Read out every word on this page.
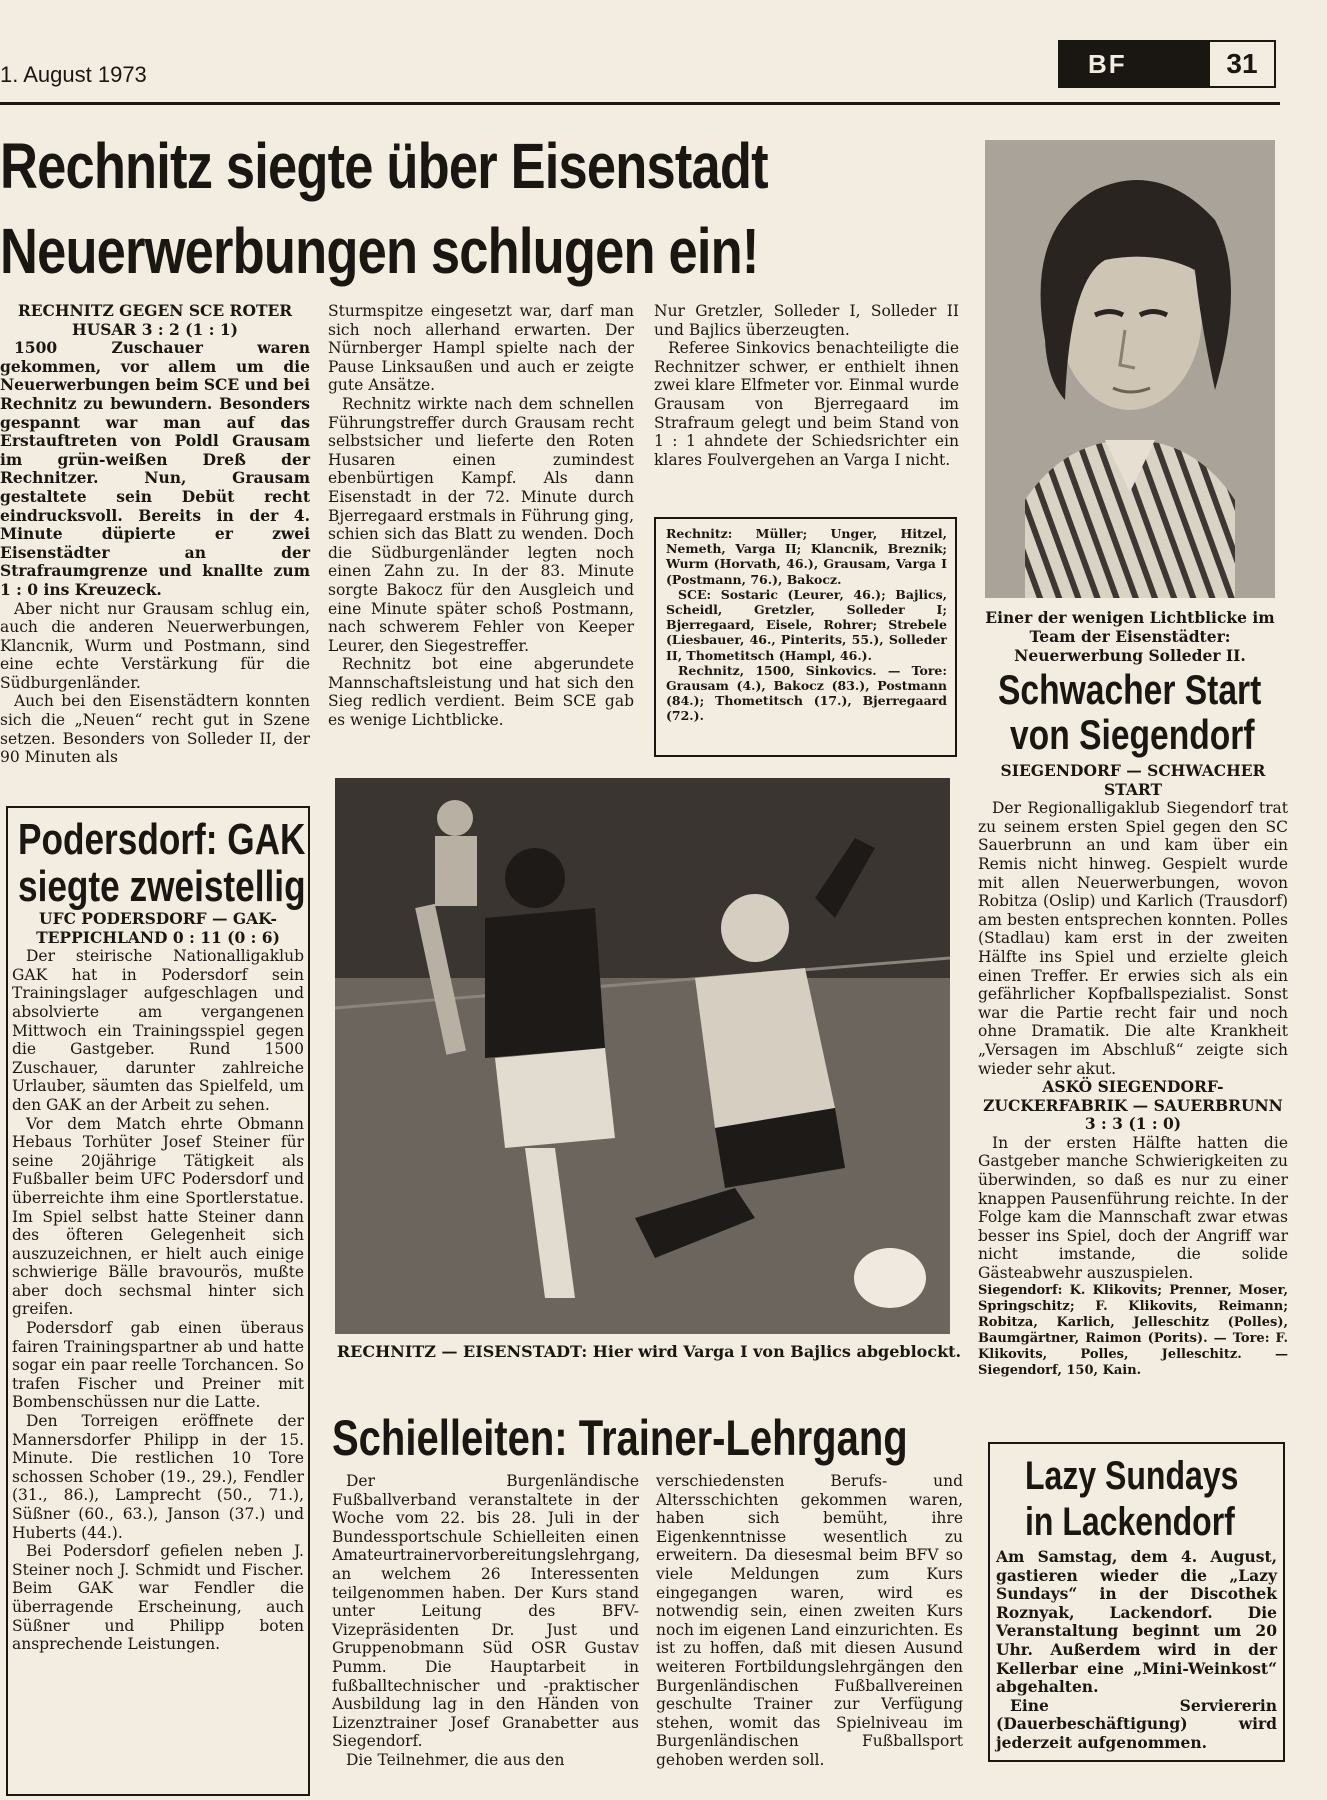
1. August 1973	BF	31
Rechnitz siegte über Eisenstadt
Neuerwerbungen schlugen ein!

RECHNITZ GEGEN SCE ROTER HUSAR 3 : 2 (1 : 1)

1500 Zuschauer waren gekommen, vor allem um die Neuerwerbungen beim SCE und bei Rechnitz zu bewundern. Besonders gespannt war man auf das Erstauftreten von Poldl Grausam im grün-weißen Dreß der Rechnitzer. Nun, Grausam gestaltete sein Debüt recht eindrucksvoll. Bereits in der 4. Minute düpierte er zwei Eisenstädter an der Strafraumgrenze und knallte zum 1 : 0 ins Kreuzeck.

Aber nicht nur Grausam schlug ein, auch die anderen Neuerwerbungen, Klancnik, Wurm und Postmann, sind eine echte Verstärkung für die Südburgenländer.

Auch bei den Eisenstädtern konnten sich die „Neuen“ recht gut in Szene setzen. Besonders von Solleder II, der 90 Minuten als

Sturmspitze eingesetzt war, darf man sich noch allerhand erwarten. Der Nürnberger Hampl spielte nach der Pause Linksaußen und auch er zeigte gute Ansätze.

Rechnitz wirkte nach dem schnellen Führungstreffer durch Grausam recht selbstsicher und lieferte den Roten Husaren einen zumindest ebenbürtigen Kampf. Als dann Eisenstadt in der 72. Minute durch Bjerregaard erstmals in Führung ging, schien sich das Blatt zu wenden. Doch die Südburgenländer legten noch einen Zahn zu. In der 83. Minute sorgte Bakocz für den Ausgleich und eine Minute später schoß Postmann, nach schwerem Fehler von Keeper Leurer, den Siegestreffer.

Rechnitz bot eine abgerundete Mannschaftsleistung und hat sich den Sieg redlich verdient. Beim SCE gab es wenige Lichtblicke.

Nur Gretzler, Solleder I, Solleder II und Bajlics überzeugten.

Referee Sinkovics benachteiligte die Rechnitzer schwer, er enthielt ihnen zwei klare Elfmeter vor. Einmal wurde Grausam von Bjerregaard im Strafraum gelegt und beim Stand von 1 : 1 ahndete der Schiedsrichter ein klares Foulvergehen an Varga I nicht.

Rechnitz: Müller; Unger, Hitzel, Nemeth, Varga II; Klancnik, Breznik; Wurm (Horvath, 46.), Grausam, Varga I (Postmann, 76.), Bakocz.

SCE: Sostaric (Leurer, 46.); Bajlics, Scheidl, Gretzler, Solleder I; Bjerregaard, Eisele, Rohrer; Strebele (Liesbauer, 46., Pinterits, 55.), Solleder II, Thometitsch (Hampl, 46.).

Rechnitz, 1500, Sinkovics. — Tore: Grausam (4.), Bakocz (83.), Postmann (84.); Thometitsch (17.), Bjerregaard (72.).

Einer der wenigen Lichtblicke im Team der Eisenstädter: Neuerwerbung Solleder II.
Schwacher Start
von Siegendorf

SIEGENDORF — SCHWACHER START

Der Regionalligaklub Siegendorf trat zu seinem ersten Spiel gegen den SC Sauerbrunn an und kam über ein Remis nicht hinweg. Gespielt wurde mit allen Neuerwerbungen, wovon Robitza (Oslip) und Karlich (Trausdorf) am besten entsprechen konnten. Polles (Stadlau) kam erst in der zweiten Hälfte ins Spiel und erzielte gleich einen Treffer. Er erwies sich als ein gefährlicher Kopfballspezialist. Sonst war die Partie recht fair und noch ohne Dramatik. Die alte Krankheit „Versagen im Abschluß“ zeigte sich wieder sehr akut.

ASKÖ SIEGENDORF-ZUCKERFABRIK — SAUERBRUNN 3 : 3 (1 : 0)

In der ersten Hälfte hatten die Gastgeber manche Schwierigkeiten zu überwinden, so daß es nur zu einer knappen Pausenführung reichte. In der Folge kam die Mannschaft zwar etwas besser ins Spiel, doch der Angriff war nicht imstande, die solide Gästeabwehr auszuspielen.

Siegendorf: K. Klikovits; Prenner, Moser, Springschitz; F. Klikovits, Reimann; Robitza, Karlich, Jelleschitz (Polles), Baumgärtner, Raimon (Porits). — Tore: F. Klikovits, Polles, Jelleschitz. — Siegendorf, 150, Kain.

Podersdorf: GAK
siegte zweistellig

UFC PODERSDORF — GAK-TEPPICHLAND 0 : 11 (0 : 6)

Der steirische Nationalligaklub GAK hat in Podersdorf sein Trainingslager aufgeschlagen und absolvierte am vergangenen Mittwoch ein Trainingsspiel gegen die Gastgeber. Rund 1500 Zuschauer, darunter zahlreiche Urlauber, säumten das Spielfeld, um den GAK an der Arbeit zu sehen.

Vor dem Match ehrte Obmann Hebaus Torhüter Josef Steiner für seine 20jährige Tätigkeit als Fußballer beim UFC Podersdorf und überreichte ihm eine Sportlerstatue. Im Spiel selbst hatte Steiner dann des öfteren Gelegenheit sich auszuzeichnen, er hielt auch einige schwierige Bälle bravourös, mußte aber doch sechsmal hinter sich greifen.

Podersdorf gab einen überaus fairen Trainingspartner ab und hatte sogar ein paar reelle Torchancen. So trafen Fischer und Preiner mit Bombenschüssen nur die Latte.

Den Torreigen eröffnete der Mannersdorfer Philipp in der 15. Minute. Die restlichen 10 Tore schossen Schober (19., 29.), Fendler (31., 86.), Lamprecht (50., 71.), Süßner (60., 63.), Janson (37.) und Huberts (44.).

Bei Podersdorf gefielen neben J. Steiner noch J. Schmidt und Fischer. Beim GAK war Fendler die überragende Erscheinung, auch Süßner und Philipp boten ansprechende Leistungen.

RECHNITZ — EISENSTADT: Hier wird Varga I von Bajlics abgeblockt.
Schielleiten: Trainer-Lehrgang

Der Burgenländische Fußballverband veranstaltete in der Woche vom 22. bis 28. Juli in der Bundessportschule Schielleiten einen Amateurtrainervorbereitungslehrgang, an welchem 26 Interessenten teilgenommen haben. Der Kurs stand unter Leitung des BFV-Vizepräsidenten Dr. Just und Gruppenobmann Süd OSR Gustav Pumm. Die Hauptarbeit in fußballtechnischer und -praktischer Ausbildung lag in den Händen von Lizenztrainer Josef Granabetter aus Siegendorf.

Die Teilnehmer, die aus den

verschiedensten Berufs- und Altersschichten gekommen waren, haben sich bemüht, ihre Eigenkenntnisse wesentlich zu erweitern. Da diesesmal beim BFV so viele Meldungen zum Kurs eingegangen waren, wird es notwendig sein, einen zweiten Kurs noch im eigenen Land einzurichten. Es ist zu hoffen, daß mit diesen Ausund weiteren Fortbildungslehrgängen den Burgenländischen Fußballvereinen geschulte Trainer zur Verfügung stehen, womit das Spielniveau im Burgenländischen Fußballsport gehoben werden soll.

Lazy Sundays
in Lackendorf

Am Samstag, dem 4. August, gastieren wieder die „Lazy Sundays“ in der Discothek Roznyak, Lackendorf. Die Veranstaltung beginnt um 20 Uhr. Außerdem wird in der Kellerbar eine „Mini-Weinkost“ abgehalten.

Eine Serviererin (Dauerbeschäftigung) wird jederzeit aufgenommen.
